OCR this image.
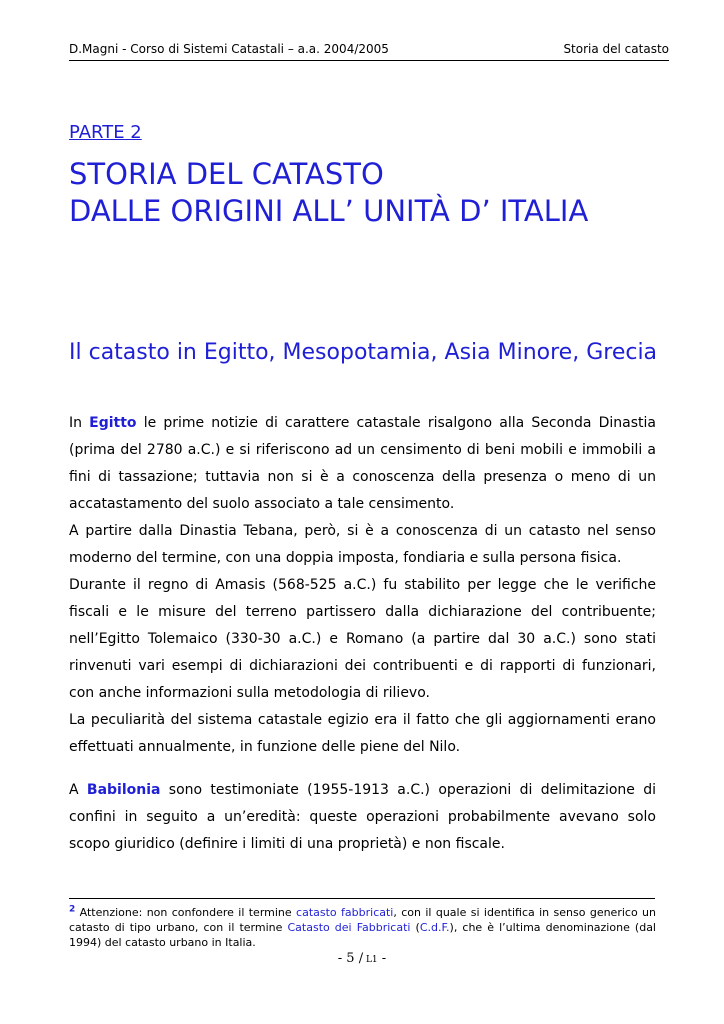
D.Magni - Corso di Sistemi Catastali – a.a. 2004/2005	Storia del catasto
PARTE 2
STORIA DEL CATASTO
DALLE ORIGINI ALL’ UNITÀ D’ ITALIA
Il catasto in Egitto, Mesopotamia, Asia Minore, Grecia

In Egitto le prime notizie di carattere catastale risalgono alla Seconda Dinastia (prima del 2780 a.C.) e si riferiscono ad un censimento di beni mobili e immobili a fini di tassazione; tuttavia non si è a conoscenza della presenza o meno di un accatastamento del suolo associato a tale censimento.

A partire dalla Dinastia Tebana, però, si è a conoscenza di un catasto nel senso moderno del termine, con una doppia imposta, fondiaria e sulla persona fisica.

Durante il regno di Amasis (568-525 a.C.) fu stabilito per legge che le verifiche fiscali e le misure del terreno partissero dalla dichiarazione del contribuente; nell’Egitto Tolemaico (330-30 a.C.) e Romano (a partire dal 30 a.C.) sono stati rinvenuti vari esempi di dichiarazioni dei contribuenti e di rapporti di funzionari, con anche informazioni sulla metodologia di rilievo.

La peculiarità del sistema catastale egizio era il fatto che gli aggiornamenti erano effettuati annualmente, in funzione delle piene del Nilo.

A Babilonia sono testimoniate (1955-1913 a.C.) operazioni di delimitazione di confini in seguito a un’eredità: queste operazioni probabilmente avevano solo scopo giuridico (definire i limiti di una proprietà) e non fiscale.

$^2$ Attenzione: non confondere il termine catasto fabbricati, con il quale si identifica in senso generico un catasto di tipo urbano, con il termine Catasto dei Fabbricati (C.d.F.), che è l’ultima denominazione (dal 1994) del catasto urbano in Italia.
- 5 / L1 -
